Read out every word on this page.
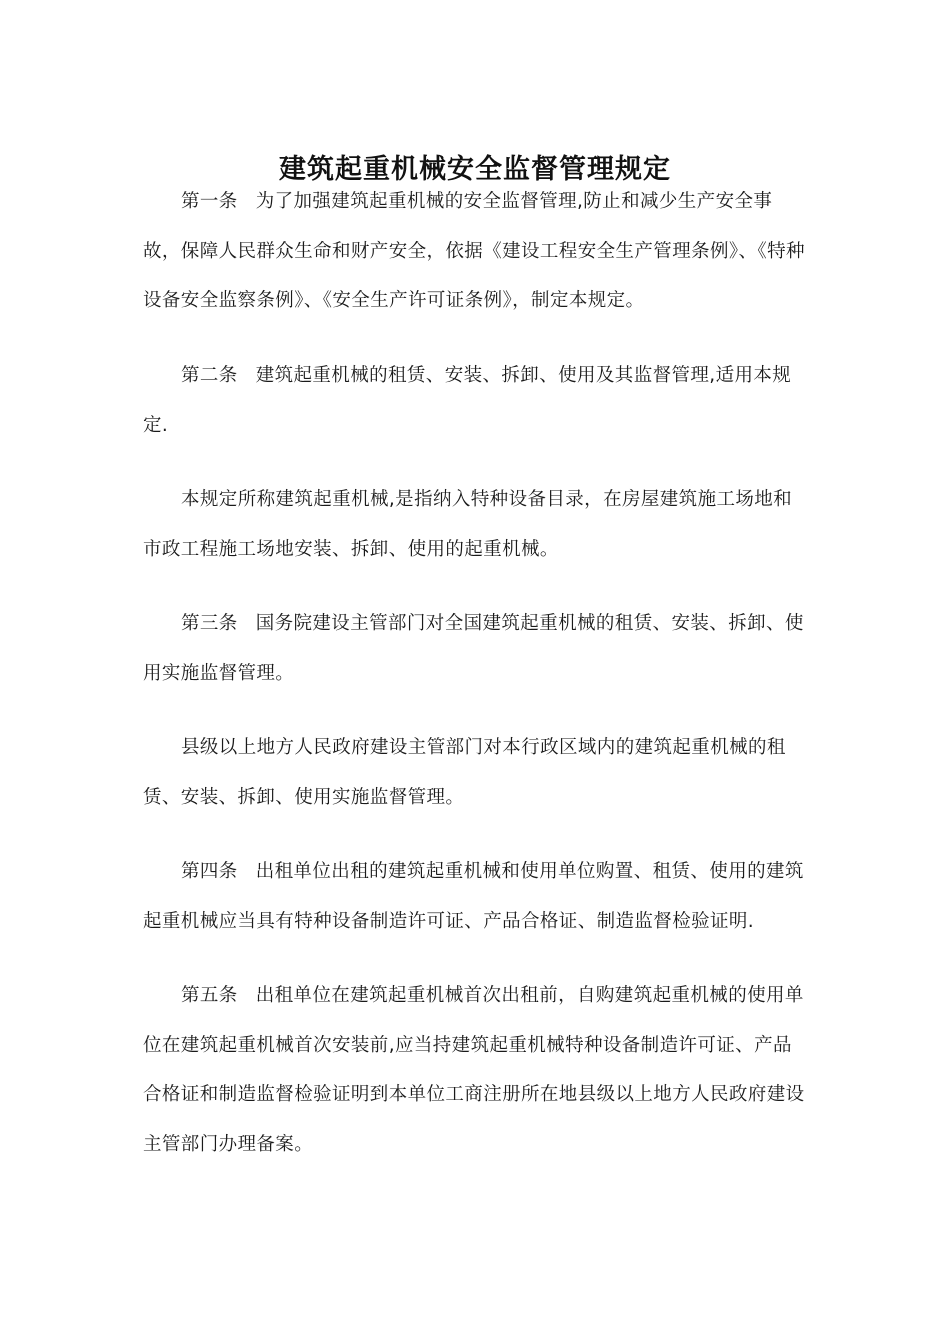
建筑起重机械安全监督管理规定

第一条 为了加强建筑起重机械的安全监督管理,防止和减少生产安全事故，保障人民群众生命和财产安全，依据《建设工程安全生产管理条例》、《特种设备安全监察条例》、《安全生产许可证条例》，制定本规定。

第二条 建筑起重机械的租赁、安装、拆卸、使用及其监督管理,适用本规定.

本规定所称建筑起重机械,是指纳入特种设备目录，在房屋建筑施工场地和市政工程施工场地安装、拆卸、使用的起重机械。

第三条 国务院建设主管部门对全国建筑起重机械的租赁、安装、拆卸、使用实施监督管理。

县级以上地方人民政府建设主管部门对本行政区域内的建筑起重机械的租赁、安装、拆卸、使用实施监督管理。

第四条 出租单位出租的建筑起重机械和使用单位购置、租赁、使用的建筑起重机械应当具有特种设备制造许可证、产品合格证、制造监督检验证明.

第五条 出租单位在建筑起重机械首次出租前，自购建筑起重机械的使用单位在建筑起重机械首次安装前,应当持建筑起重机械特种设备制造许可证、产品合格证和制造监督检验证明到本单位工商注册所在地县级以上地方人民政府建设主管部门办理备案。
